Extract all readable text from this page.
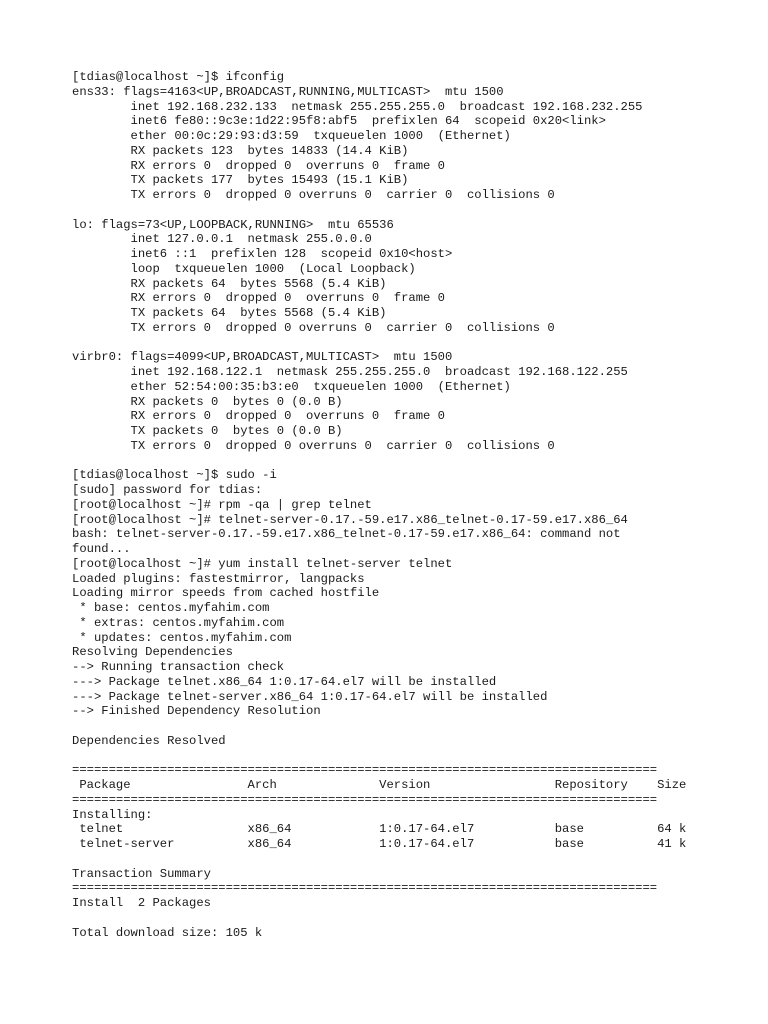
[tdias@localhost ~]$ ifconfig
ens33: flags=4163<UP,BROADCAST,RUNNING,MULTICAST>  mtu 1500
inet 192.168.232.133  netmask 255.255.255.0  broadcast 192.168.232.255
inet6 fe80::9c3e:1d22:95f8:abf5  prefixlen 64  scopeid 0x20<link>
ether 00:0c:29:93:d3:59  txqueuelen 1000  (Ethernet)
RX packets 123  bytes 14833 (14.4 KiB)
RX errors 0  dropped 0  overruns 0  frame 0
TX packets 177  bytes 15493 (15.1 KiB)
TX errors 0  dropped 0 overruns 0  carrier 0  collisions 0
lo: flags=73<UP,LOOPBACK,RUNNING>  mtu 65536
inet 127.0.0.1  netmask 255.0.0.0
inet6 ::1  prefixlen 128  scopeid 0x10<host>
loop  txqueuelen 1000  (Local Loopback)
RX packets 64  bytes 5568 (5.4 KiB)
RX errors 0  dropped 0  overruns 0  frame 0
TX packets 64  bytes 5568 (5.4 KiB)
TX errors 0  dropped 0 overruns 0  carrier 0  collisions 0
virbr0: flags=4099<UP,BROADCAST,MULTICAST>  mtu 1500
inet 192.168.122.1  netmask 255.255.255.0  broadcast 192.168.122.255
ether 52:54:00:35:b3:e0  txqueuelen 1000  (Ethernet)
RX packets 0  bytes 0 (0.0 B)
RX errors 0  dropped 0  overruns 0  frame 0
TX packets 0  bytes 0 (0.0 B)
TX errors 0  dropped 0 overruns 0  carrier 0  collisions 0
[tdias@localhost ~]$ sudo -i
[sudo] password for tdias:
[root@localhost ~]# rpm -qa | grep telnet
[root@localhost ~]# telnet-server-0.17.-59.e17.x86_telnet-0.17-59.e17.x86_64
bash: telnet-server-0.17.-59.e17.x86_telnet-0.17-59.e17.x86_64: command not
found...
[root@localhost ~]# yum install telnet-server telnet
Loaded plugins: fastestmirror, langpacks
Loading mirror speeds from cached hostfile
* base: centos.myfahim.com
* extras: centos.myfahim.com
* updates: centos.myfahim.com
Resolving Dependencies
--> Running transaction check
---> Package telnet.x86_64 1:0.17-64.el7 will be installed
---> Package telnet-server.x86_64 1:0.17-64.el7 will be installed
--> Finished Dependency Resolution
Dependencies Resolved
================================================================================
Package                Arch              Version                 Repository    Size
================================================================================
Installing:
telnet                 x86_64            1:0.17-64.el7           base          64 k
telnet-server          x86_64            1:0.17-64.el7           base          41 k
Transaction Summary
================================================================================
Install  2 Packages
Total download size: 105 k
